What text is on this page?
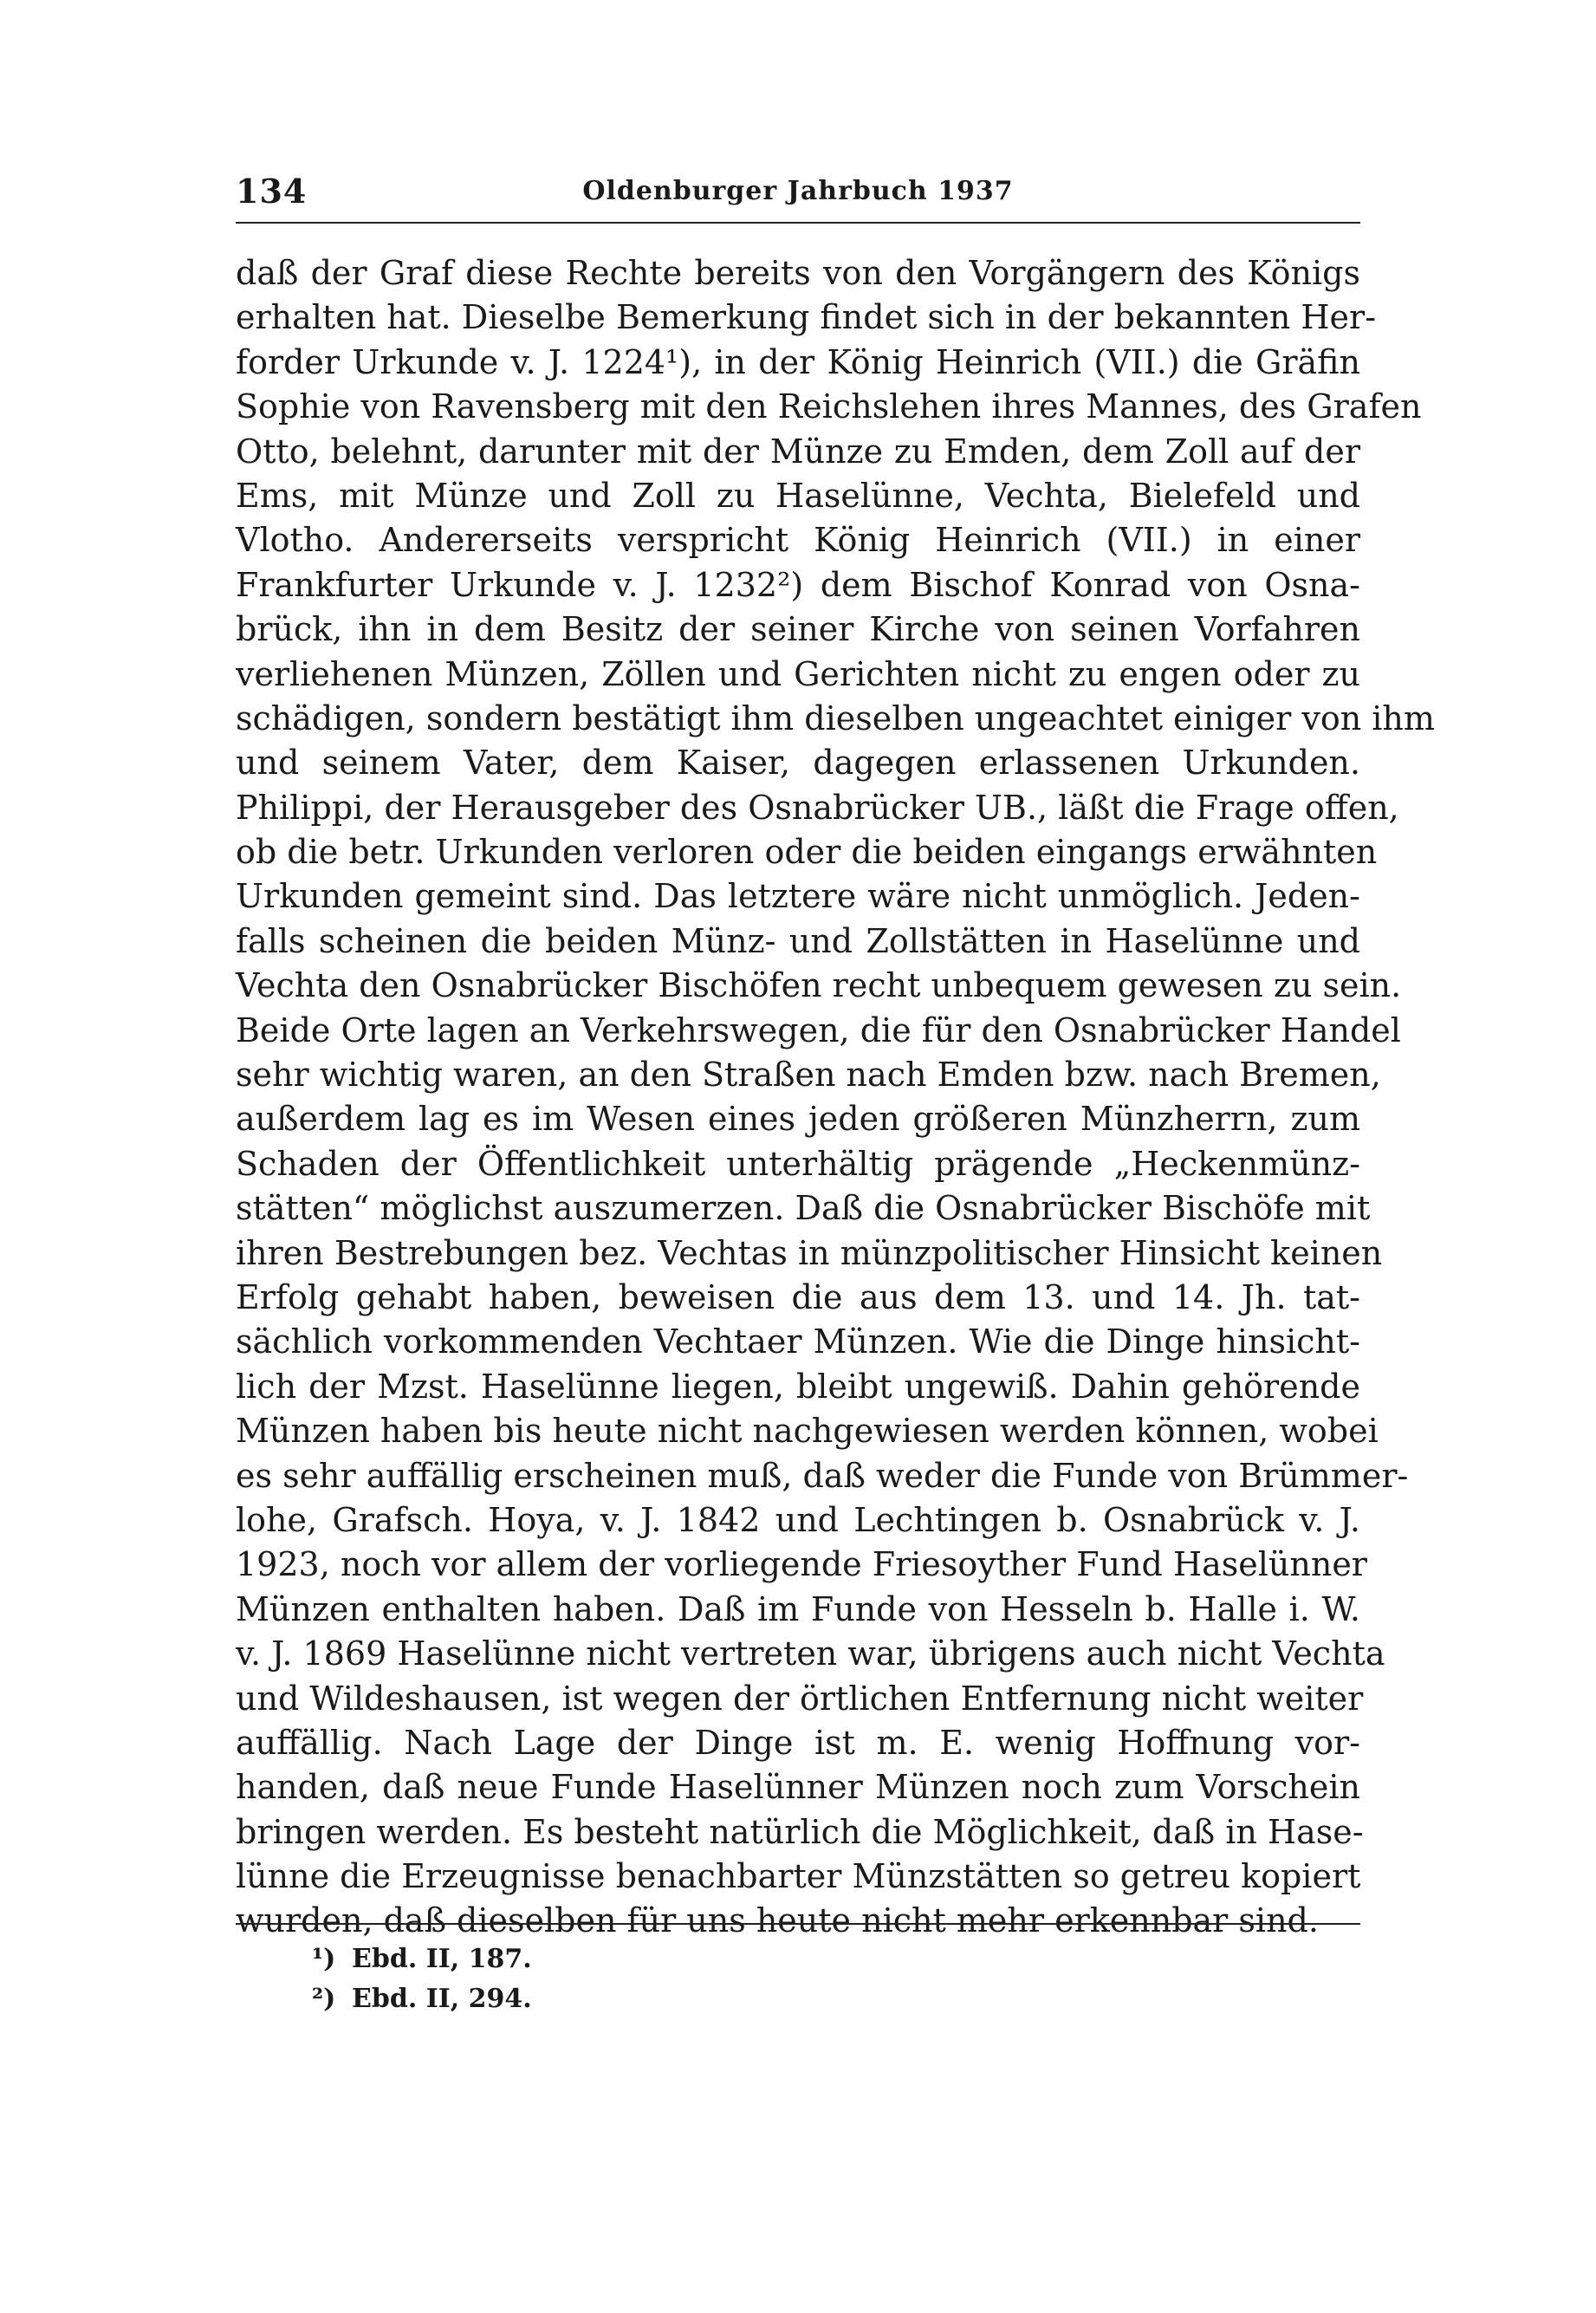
134	Oldenburger Jahrbuch 1937
daß der Graf diese Rechte bereits von den Vorgängern des Königs
erhalten hat. Dieselbe Bemerkung findet sich in der bekannten Her-
forder Urkunde v. J. 1224¹), in der König Heinrich (VII.) die Gräfin
Sophie von Ravensberg mit den Reichslehen ihres Mannes, des Grafen
Otto, belehnt, darunter mit der Münze zu Emden, dem Zoll auf der
Ems, mit Münze und Zoll zu Haselünne, Vechta, Bielefeld und
Vlotho. Andererseits verspricht König Heinrich (VII.) in einer
Frankfurter Urkunde v. J. 1232²) dem Bischof Konrad von Osna-
brück, ihn in dem Besitz der seiner Kirche von seinen Vorfahren
verliehenen Münzen, Zöllen und Gerichten nicht zu engen oder zu
schädigen, sondern bestätigt ihm dieselben ungeachtet einiger von ihm
und seinem Vater, dem Kaiser, dagegen erlassenen Urkunden.
Philippi, der Herausgeber des Osnabrücker UB., läßt die Frage offen,
ob die betr. Urkunden verloren oder die beiden eingangs erwähnten
Urkunden gemeint sind. Das letztere wäre nicht unmöglich. Jeden-
falls scheinen die beiden Münz- und Zollstätten in Haselünne und
Vechta den Osnabrücker Bischöfen recht unbequem gewesen zu sein.
Beide Orte lagen an Verkehrswegen, die für den Osnabrücker Handel
sehr wichtig waren, an den Straßen nach Emden bzw. nach Bremen,
außerdem lag es im Wesen eines jeden größeren Münzherrn, zum
Schaden der Öffentlichkeit unterhältig prägende „Heckenmünz-
stätten“ möglichst auszumerzen. Daß die Osnabrücker Bischöfe mit
ihren Bestrebungen bez. Vechtas in münzpolitischer Hinsicht keinen
Erfolg gehabt haben, beweisen die aus dem 13. und 14. Jh. tat-
sächlich vorkommenden Vechtaer Münzen. Wie die Dinge hinsicht-
lich der Mzst. Haselünne liegen, bleibt ungewiß. Dahin gehörende
Münzen haben bis heute nicht nachgewiesen werden können, wobei
es sehr auffällig erscheinen muß, daß weder die Funde von Brümmer-
lohe, Grafsch. Hoya, v. J. 1842 und Lechtingen b. Osnabrück v. J.
1923, noch vor allem der vorliegende Friesoyther Fund Haselünner
Münzen enthalten haben. Daß im Funde von Hesseln b. Halle i. W.
v. J. 1869 Haselünne nicht vertreten war, übrigens auch nicht Vechta
und Wildeshausen, ist wegen der örtlichen Entfernung nicht weiter
auffällig. Nach Lage der Dinge ist m. E. wenig Hoffnung vor-
handen, daß neue Funde Haselünner Münzen noch zum Vorschein
bringen werden. Es besteht natürlich die Möglichkeit, daß in Hase-
lünne die Erzeugnisse benachbarter Münzstätten so getreu kopiert
wurden, daß dieselben für uns heute nicht mehr erkennbar sind.
¹) Ebd. II, 187.
²) Ebd. II, 294.
